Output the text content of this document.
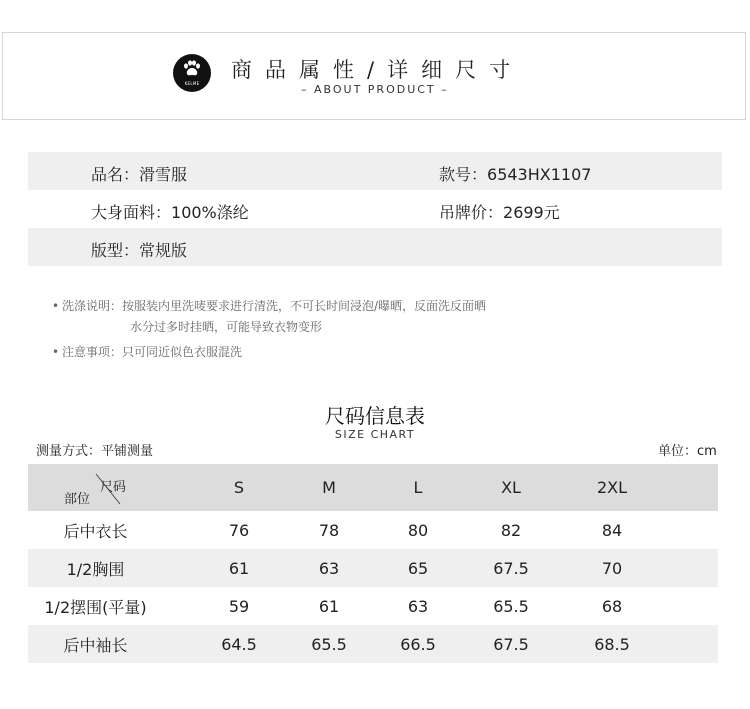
KELME
商品属性/详细尺寸
– ABOUT PRODUCT –
品名：滑雪服	款号：6543HX1107
大身面料：100%涤纶	吊牌价：2699元
版型：常规版
• 洗涤说明：按服装内里洗唛要求进行清洗，不可长时间浸泡/曝晒，反面洗反面晒
水分过多时挂晒，可能导致衣物变形
• 注意事项：只可同近似色衣服混洗
尺码信息表
SIZE CHART
测量方式：平铺测量	单位：cm
尺码
部位
S	M	L	XL	2XL
后中衣长	76	78	80	82	84
1/2胸围	61	63	65	67.5	70
1/2摆围(平量)	59	61	63	65.5	68
后中袖长	64.5	65.5	66.5	67.5	68.5
